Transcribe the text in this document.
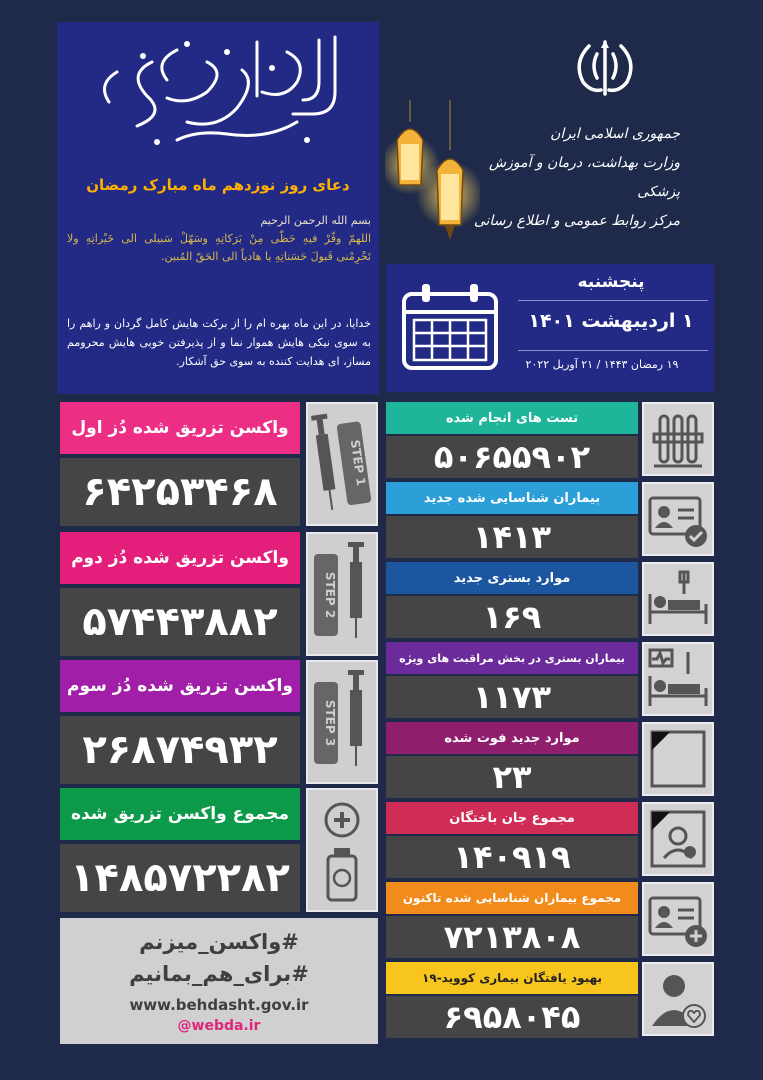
دعای روز نوزدهم ماه مبارک رمضان
بسم الله الرحمن الرحیم
اللهمّ وفّرْ فیهِ حَظّی مِنْ بَرَکاتِهِ وسَهّلْ سَبیلی الی خَیْراتِهِ ولا تَحْرِمْنی قَبولَ حَسَناتِهِ یا هادیاً الی الحَقّ المُبین.
خدایا، در این ماه بهره ام را از برکت هایش کامل گردان و راهم را به سوی نیکی هایش هموار نما و از پذیرفتن خوبی هایش محرومم مساز، ای هدایت کننده به سوی حق آشکار.
جمهوری اسلامی ایران
وزارت بهداشت، درمان و آموزش پزشکی
مرکز روابط عمومی و اطلاع رسانی
پنجشنبه
۱ اردیبهشت ۱۴۰۱
۱۹ رمضان ۱۴۴۳ / ۲۱ آوریل ۲۰۲۲
واکسن تزریق شده دُز اول
۶۴۲۵۳۴۶۸
STEP 1
واکسن تزریق شده دُز دوم
۵۷۴۴۳۸۸۲
STEP 2
واکسن تزریق شده دُز سوم
۲۶۸۷۴۹۳۲
STEP 3
مجموع واکسن تزریق شده
۱۴۸۵۷۲۲۸۲
تست های انجام شده
۵۰۶۵۵۹۰۲
بیماران شناسایی شده جدید
۱۴۱۳
موارد بستری جدید
۱۶۹
بیماران بستری در بخش مراقبت های ویژه
۱۱۷۳
موارد جدید فوت شده
۲۳
مجموع جان باختگان
۱۴۰۹۱۹
مجموع بیماران شناسایی شده تاکنون
۷۲۱۳۸۰۸
بهبود یافتگان بیماری کووید-۱۹
۶۹۵۸۰۴۵
#واکسن_میزنم
#برای_هم_بمانیم
www.behdasht.gov.ir
@webda.ir
